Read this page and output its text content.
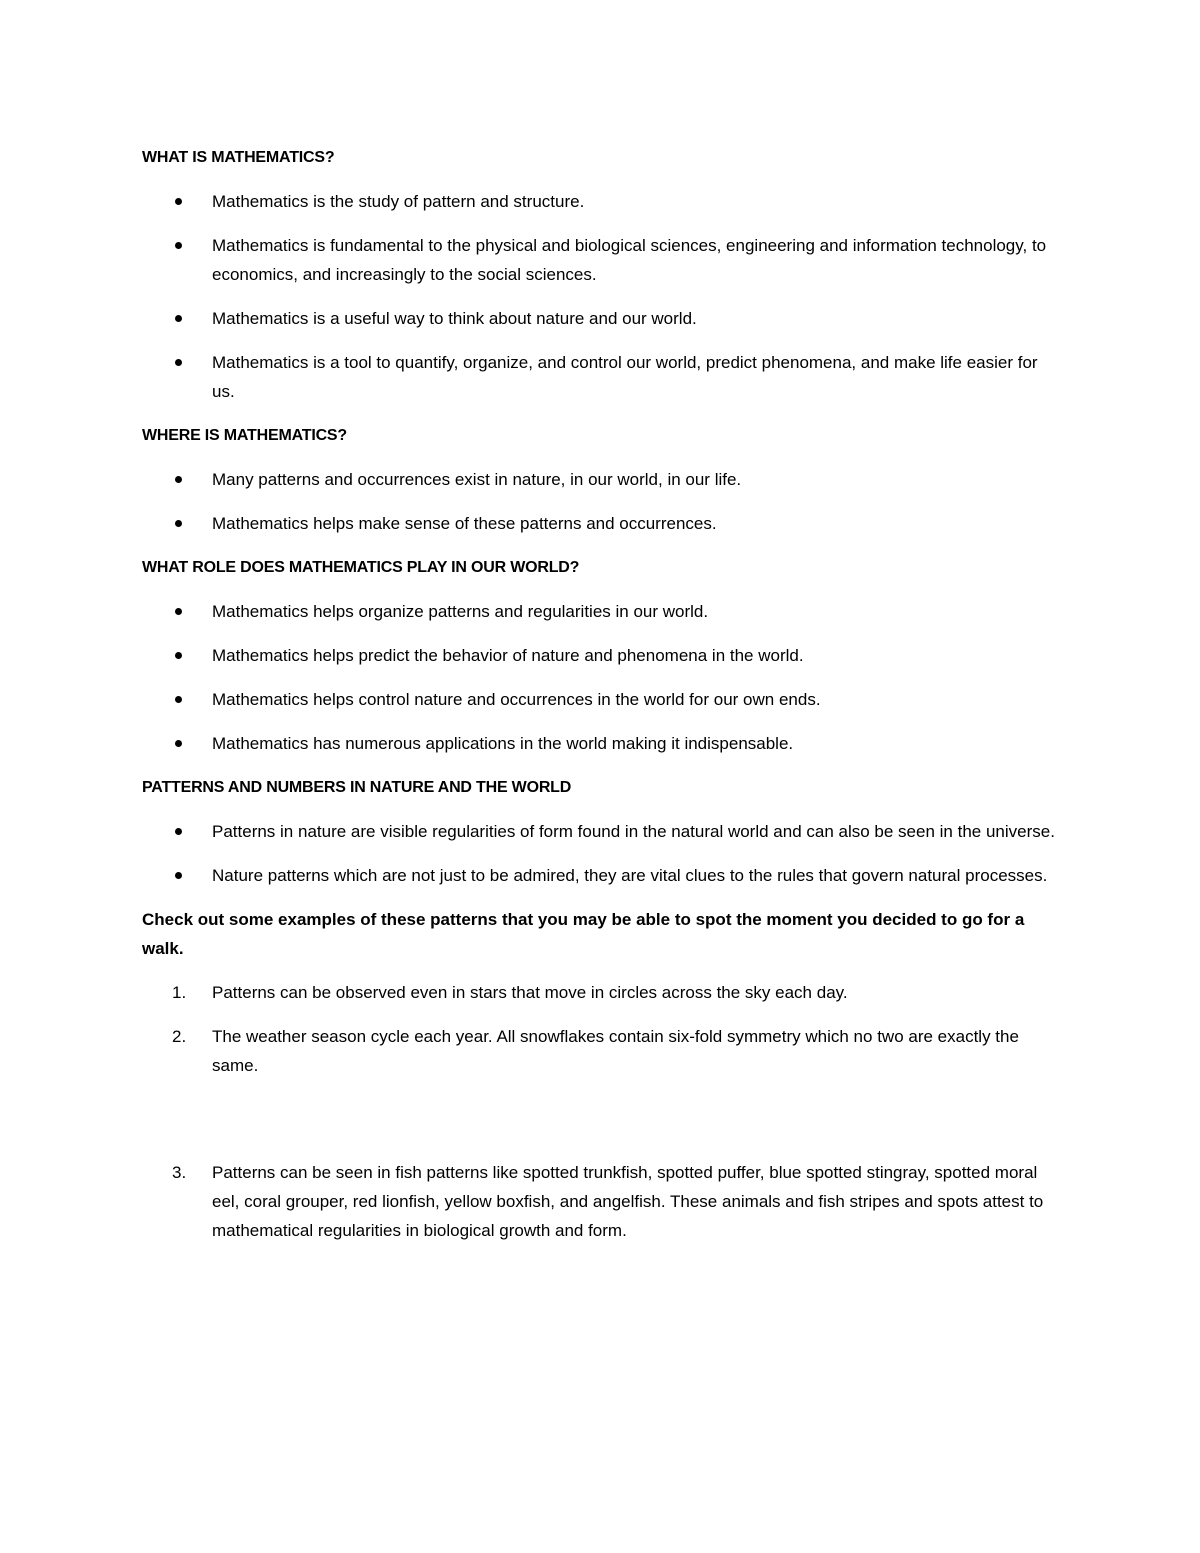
WHAT IS MATHEMATICS?
Mathematics is the study of pattern and structure.
Mathematics is fundamental to the physical and biological sciences, engineering and information technology, to economics, and increasingly to the social sciences.
Mathematics is a useful way to think about nature and our world.
Mathematics is a tool to quantify, organize, and control our world, predict phenomena, and make life easier for us.
WHERE IS MATHEMATICS?
Many patterns and occurrences exist in nature, in our world, in our life.
Mathematics helps make sense of these patterns and occurrences.
WHAT ROLE DOES MATHEMATICS PLAY IN OUR WORLD?
Mathematics helps organize patterns and regularities in our world.
Mathematics helps predict the behavior of nature and phenomena in the world.
Mathematics helps control nature and occurrences in the world for our own ends.
Mathematics has numerous applications in the world making it indispensable.
PATTERNS AND NUMBERS IN NATURE AND THE WORLD
Patterns in nature are visible regularities of form found in the natural world and can also be seen in the universe.
Nature patterns which are not just to be admired, they are vital clues to the rules that govern natural processes.
Check out some examples of these patterns that you may be able to spot the moment you decided to go for a walk.
1. Patterns can be observed even in stars that move in circles across the sky each day.
2. The weather season cycle each year. All snowflakes contain six-fold symmetry which no two are exactly the same.
3. Patterns can be seen in fish patterns like spotted trunkfish, spotted puffer, blue spotted stingray, spotted moral eel, coral grouper, red lionfish, yellow boxfish, and angelfish. These animals and fish stripes and spots attest to mathematical regularities in biological growth and form.
